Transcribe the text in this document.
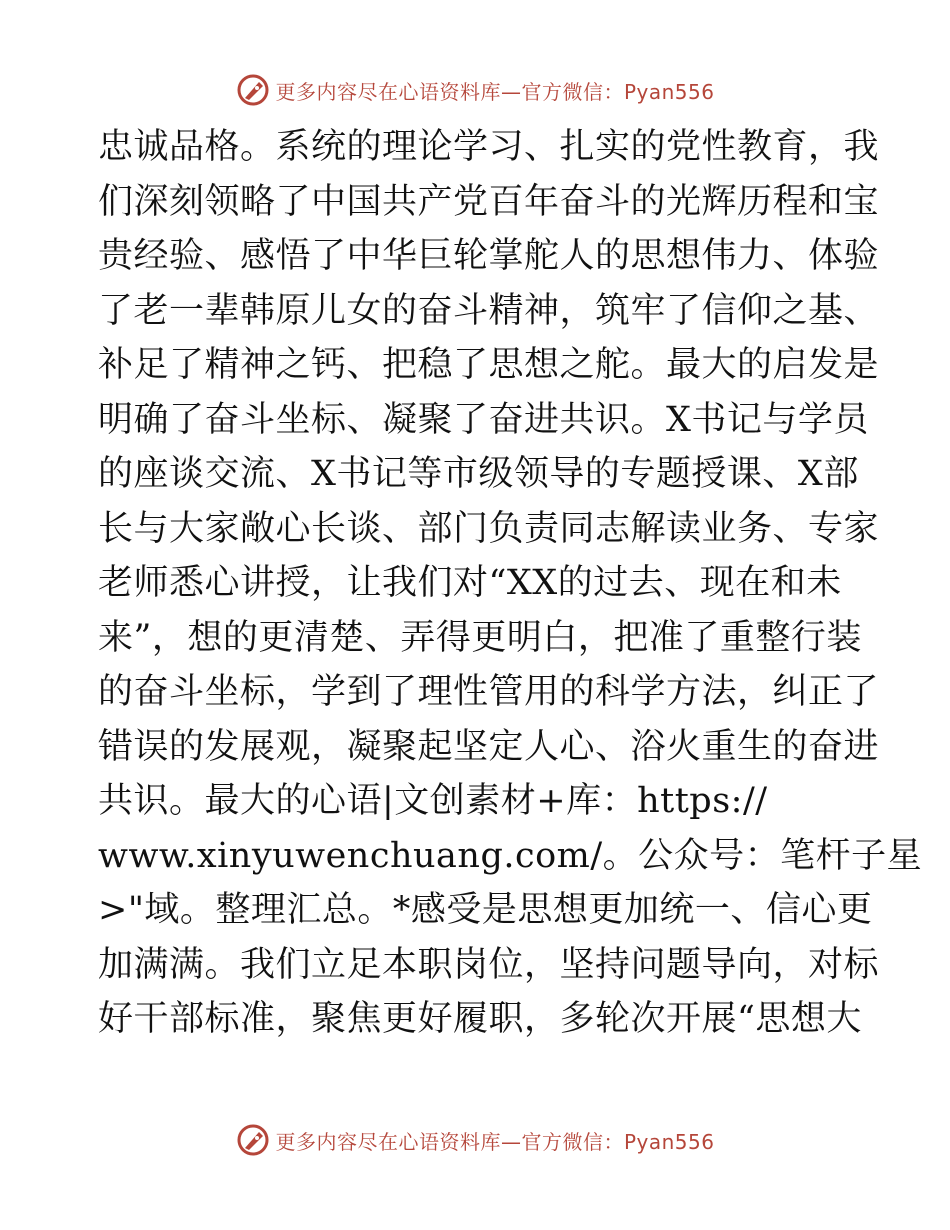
更多内容尽在心语资料库—官方微信：Pyan556
忠诚品格。系统的理论学习、扎实的党性教育，我
们深刻领略了中国共产党百年奋斗的光辉历程和宝
贵经验、感悟了中华巨轮掌舵人的思想伟力、体验
了老一辈韩原儿女的奋斗精神，筑牢了信仰之基、
补足了精神之钙、把稳了思想之舵。最大的启发是
明确了奋斗坐标、凝聚了奋进共识。X书记与学员
的座谈交流、X书记等市级领导的专题授课、X部
长与大家敞心长谈、部门负责同志解读业务、专家
老师悉心讲授，让我们对“XX的过去、现在和未
来”，想的更清楚、弄得更明白，把准了重整行装
的奋斗坐标，学到了理性管用的科学方法，纠正了
错误的发展观，凝聚起坚定人心、浴火重生的奋进
共识。最大的心语|文创素材+库：https://
www.xinyuwenchuang.com/。公众号：笔杆子星
>"域。整理汇总。*感受是思想更加统一、信心更
加满满。我们立足本职岗位，坚持问题导向，对标
好干部标准，聚焦更好履职，多轮次开展“思想大
更多内容尽在心语资料库—官方微信：Pyan556
